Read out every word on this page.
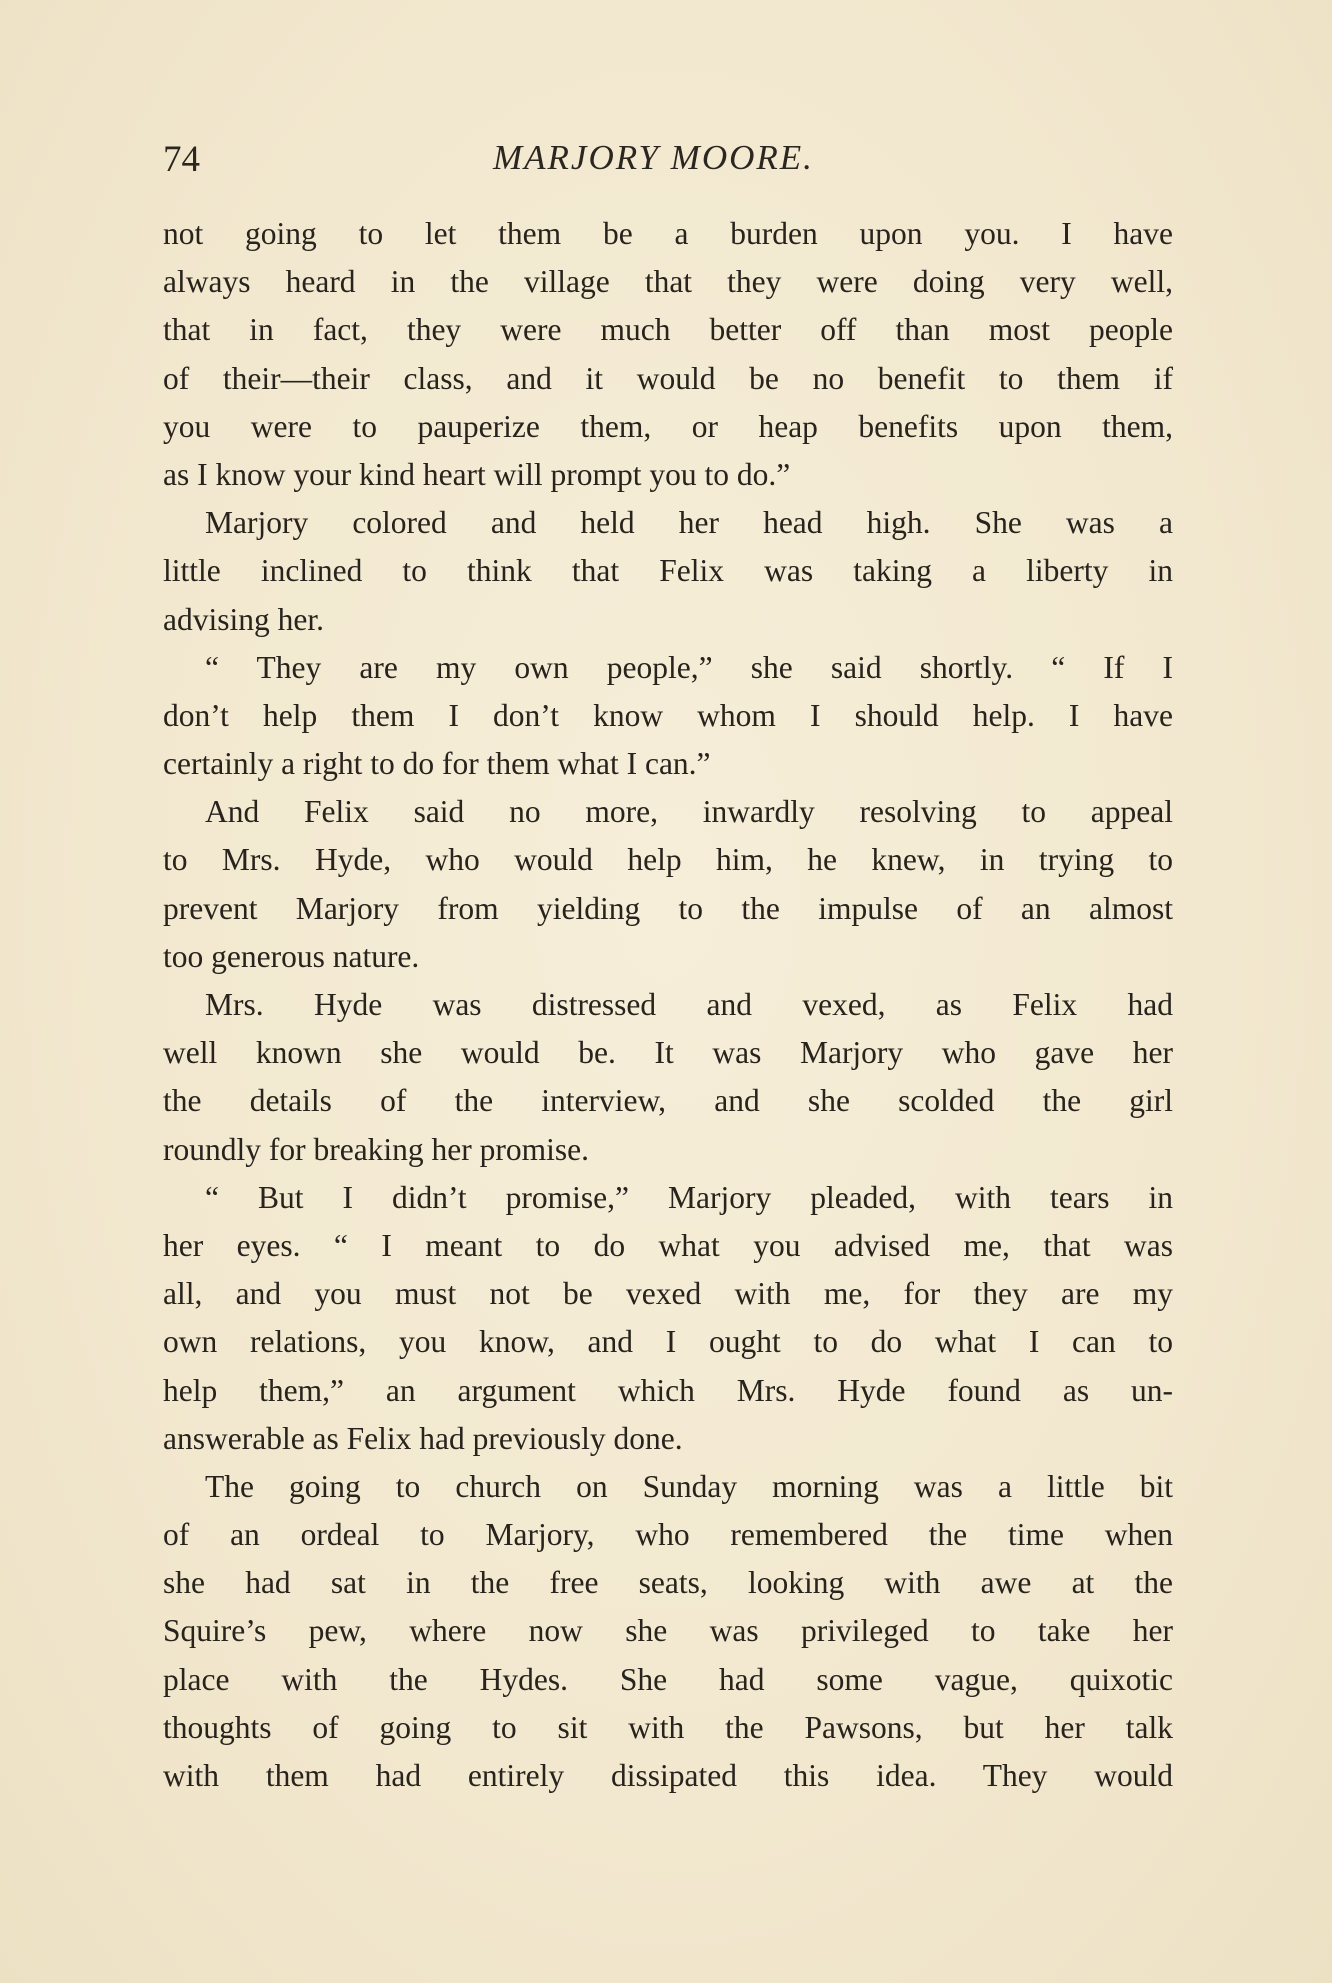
74	MARJORY MOORE.
not going to let them be a burden upon you. I have
always heard in the village that they were doing very well,
that in fact, they were much better off than most people
of their—their class, and it would be no benefit to them if
you were to pauperize them, or heap benefits upon them,
as I know your kind heart will prompt you to do.”
Marjory colored and held her head high. She was a
little inclined to think that Felix was taking a liberty in
advising her.
“ They are my own people,” she said shortly. “ If I
don’t help them I don’t know whom I should help. I have
certainly a right to do for them what I can.”
And Felix said no more, inwardly resolving to appeal
to Mrs. Hyde, who would help him, he knew, in trying to
prevent Marjory from yielding to the impulse of an almost
too generous nature.
Mrs. Hyde was distressed and vexed, as Felix had
well known she would be. It was Marjory who gave her
the details of the interview, and she scolded the girl
roundly for breaking her promise.
“ But I didn’t promise,” Marjory pleaded, with tears in
her eyes. “ I meant to do what you advised me, that was
all, and you must not be vexed with me, for they are my
own relations, you know, and I ought to do what I can to
help them,” an argument which Mrs. Hyde found as un-
answerable as Felix had previously done.
The going to church on Sunday morning was a little bit
of an ordeal to Marjory, who remembered the time when
she had sat in the free seats, looking with awe at the
Squire’s pew, where now she was privileged to take her
place with the Hydes. She had some vague, quixotic
thoughts of going to sit with the Pawsons, but her talk
with them had entirely dissipated this idea. They would
